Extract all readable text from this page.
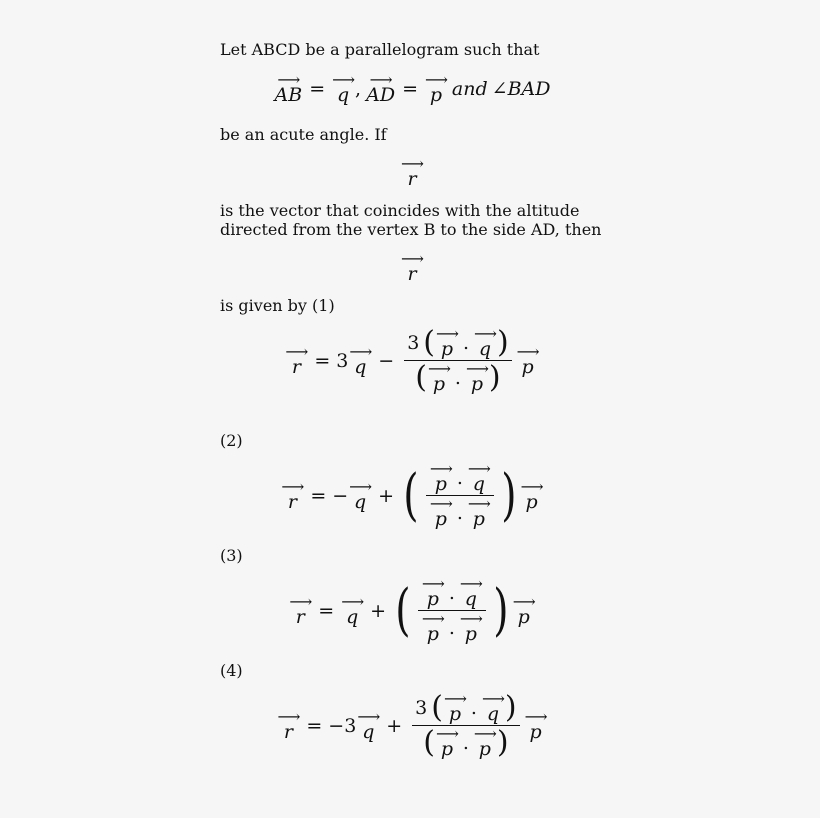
Let ABCD be a parallelogram such that

⟶
AB = ⟶
q , ⟶
AD = ⟶
p and ∠BAD

be an acute angle. If

⟶
r

is the vector that coincides with the altitude directed from the vertex B to the side AD, then

⟶
r

is given by (1)

⟶
r = 3 ⟶
q − 3 ( ⟶
p . ⟶
q )
( ⟶
p . ⟶
p ) ⟶
p
(2)
⟶
r = − ⟶
q + ( ⟶
p . ⟶
q
⟶
p . ⟶
p ) ⟶
p
(3)
⟶
r = ⟶
q + ( ⟶
p . ⟶
q
⟶
p . ⟶
p ) ⟶
p
(4)
⟶
r = − 3 ⟶
q + 3 ( ⟶
p . ⟶
q )
( ⟶
p . ⟶
p ) ⟶
p
